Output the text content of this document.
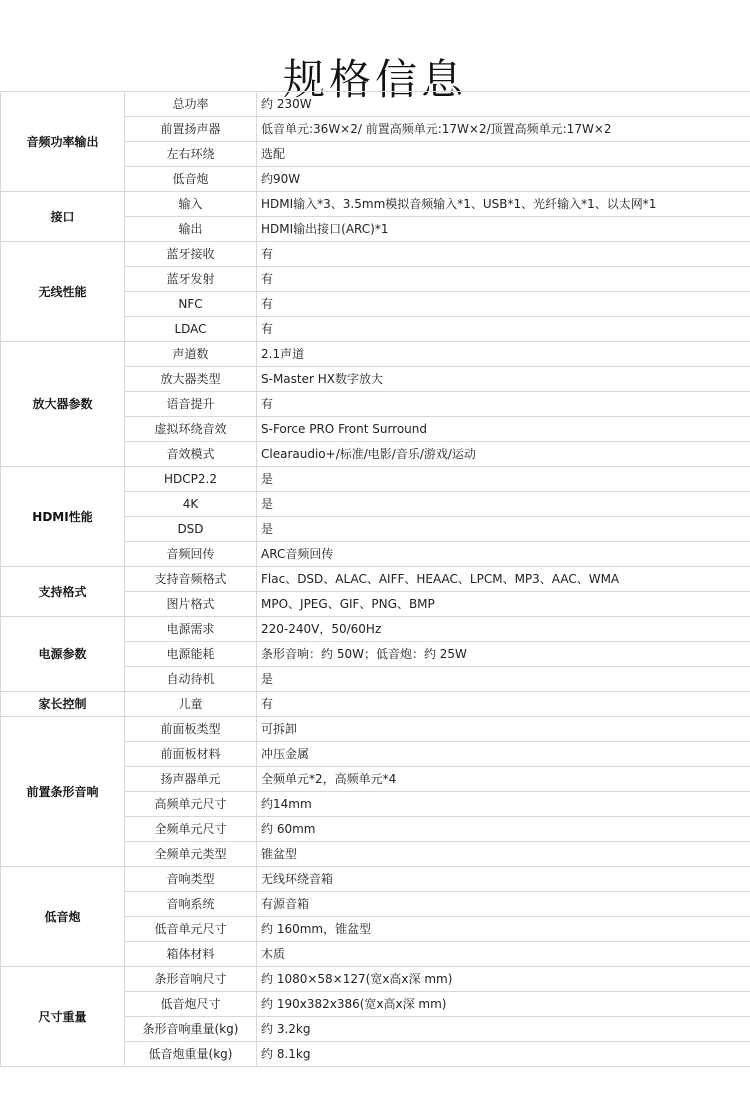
规格信息
音频功率输出	总功率	约 230W
	前置扬声器	低音单元:36W×2/ 前置高频单元:17W×2/顶置高频单元:17W×2
	左右环绕	选配
	低音炮	约90W
接口	输入	HDMI输入*3、3.5mm模拟音频输入*1、USB*1、光纤输入*1、以太网*1
	输出	HDMI输出接口(ARC)*1
无线性能	蓝牙接收	有
	蓝牙发射	有
	NFC	有
	LDAC	有
放大器参数	声道数	2.1声道
	放大器类型	S-Master HX数字放大
	语音提升	有
	虚拟环绕音效	S-Force PRO Front Surround
	音效模式	Clearaudio+/标准/电影/音乐/游戏/运动
HDMI性能	HDCP2.2	是
	4K	是
	DSD	是
	音频回传	ARC音频回传
支持格式	支持音频格式	Flac、DSD、ALAC、AIFF、HEAAC、LPCM、MP3、AAC、WMA
	图片格式	MPO、JPEG、GIF、PNG、BMP
电源参数	电源需求	220-240V，50/60Hz
	电源能耗	条形音响：约 50W；低音炮：约 25W
	自动待机	是
家长控制	儿童	有
前置条形音响	前面板类型	可拆卸
	前面板材料	冲压金属
	扬声器单元	全频单元*2，高频单元*4
	高频单元尺寸	约14mm
	全频单元尺寸	约 60mm
	全频单元类型	锥盆型
低音炮	音响类型	无线环绕音箱
	音响系统	有源音箱
	低音单元尺寸	约 160mm，锥盆型
	箱体材料	木质
尺寸重量	条形音响尺寸	约 1080×58×127(宽x高x深 mm)
	低音炮尺寸	约 190x382x386(宽x高x深 mm)
	条形音响重量(kg)	约 3.2kg
	低音炮重量(kg)	约 8.1kg
